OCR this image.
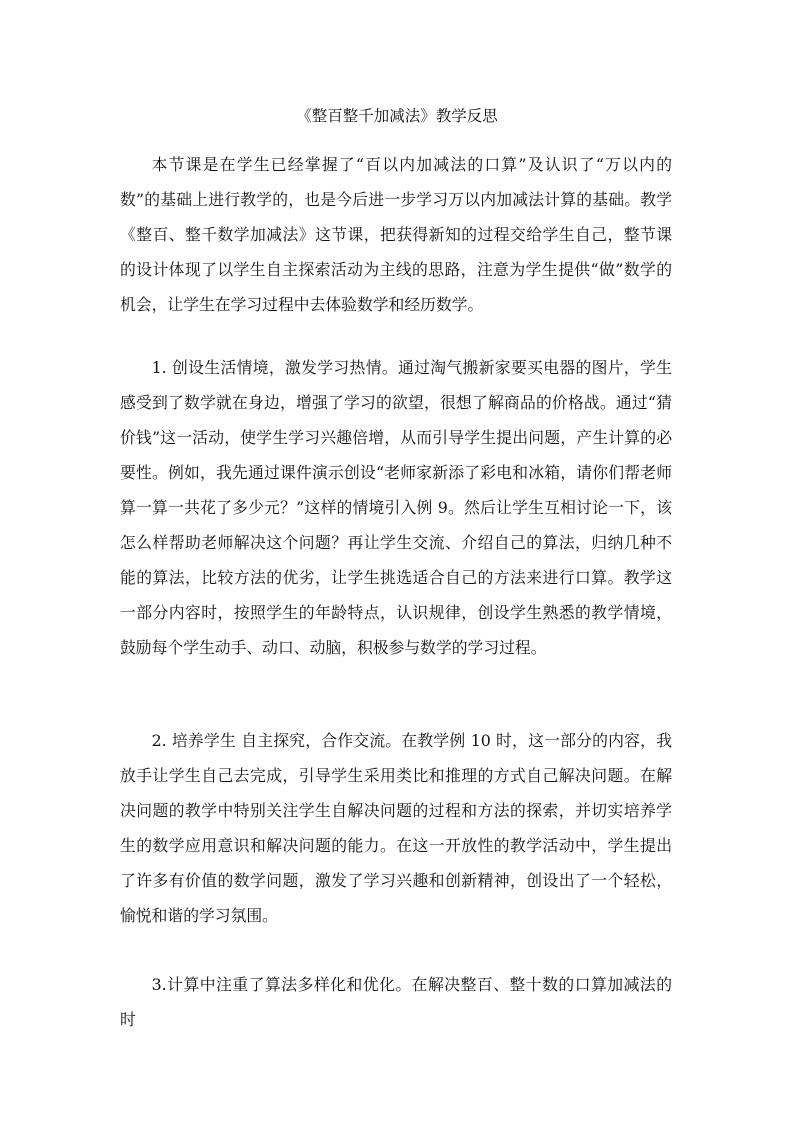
《整百整千加减法》教学反思

本节课是在学生已经掌握了“百以内加减法的口算”及认识了“万以内的数”的基础上进行教学的，也是今后进一步学习万以内加减法计算的基础。教学《整百、整千数学加减法》这节课，把获得新知的过程交给学生自己，整节课的设计体现了以学生自主探索活动为主线的思路，注意为学生提供“做”数学的机会，让学生在学习过程中去体验数学和经历数学。

1. 创设生活情境，激发学习热情。通过淘气搬新家要买电器的图片，学生感受到了数学就在身边，增强了学习的欲望，很想了解商品的价格战。通过“猜价钱”这一活动，使学生学习兴趣倍增，从而引导学生提出问题，产生计算的必要性。例如，我先通过课件演示创设“老师家新添了彩电和冰箱，请你们帮老师算一算一共花了多少元？”这样的情境引入例 9。然后让学生互相讨论一下，该怎么样帮助老师解决这个问题？再让学生交流、介绍自己的算法，归纳几种不能的算法，比较方法的优劣，让学生挑选适合自己的方法来进行口算。教学这一部分内容时，按照学生的年龄特点，认识规律，创设学生熟悉的教学情境，鼓励每个学生动手、动口、动脑，积极参与数学的学习过程。

2. 培养学生 自主探究，合作交流。在教学例 10 时，这一部分的内容，我放手让学生自己去完成，引导学生采用类比和推理的方式自己解决问题。在解决问题的教学中特别关注学生自解决问题的过程和方法的探索，并切实培养学生的数学应用意识和解决问题的能力。在这一开放性的教学活动中，学生提出了许多有价值的数学问题，激发了学习兴趣和创新精神，创设出了一个轻松，愉悦和谐的学习氛围。

3.计算中注重了算法多样化和优化。在解决整百、整十数的口算加减法的时
